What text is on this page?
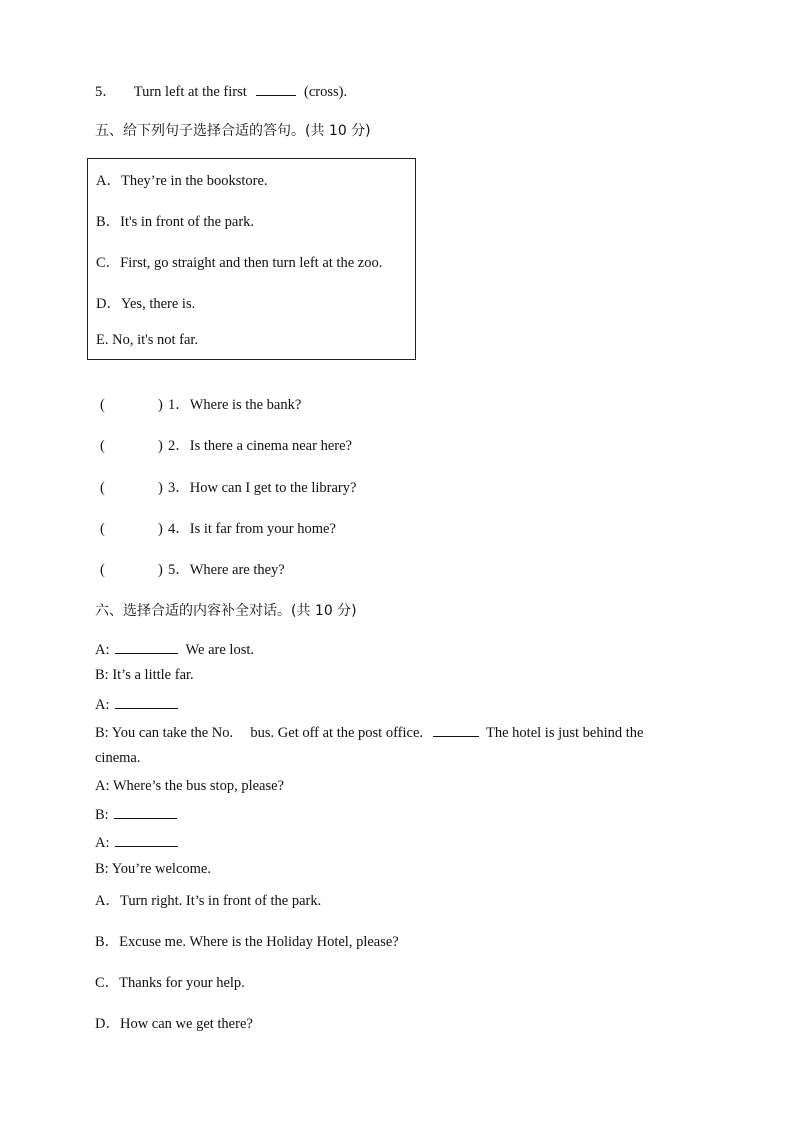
5． Turn left at the first	(cross).
五、给下列句子选择合适的答句。(共 10 分)
A．They’re in the bookstore.
B．It's in front of the park.
C．First, go straight and then turn left at the zoo.
D．Yes, there is.
E. No, it's not far.
(	) 1．Where is the bank?
(	) 2．Is there a cinema near here?
(	) 3．How can I get to the library?
(	) 4．Is it far from your home?
(	) 5．Where are they?
六、选择合适的内容补全对话。(共 10 分)
A:	We are lost.
B: It’s a little far.
A:
B: You can take the No. bus. Get off at the post office.	The hotel is just behind the
cinema.
A: Where’s the bus stop, please?
B:
A:
B: You’re welcome.
A．Turn right. It’s in front of the park.
B．Excuse me. Where is the Holiday Hotel, please?
C．Thanks for your help.
D．How can we get there?
